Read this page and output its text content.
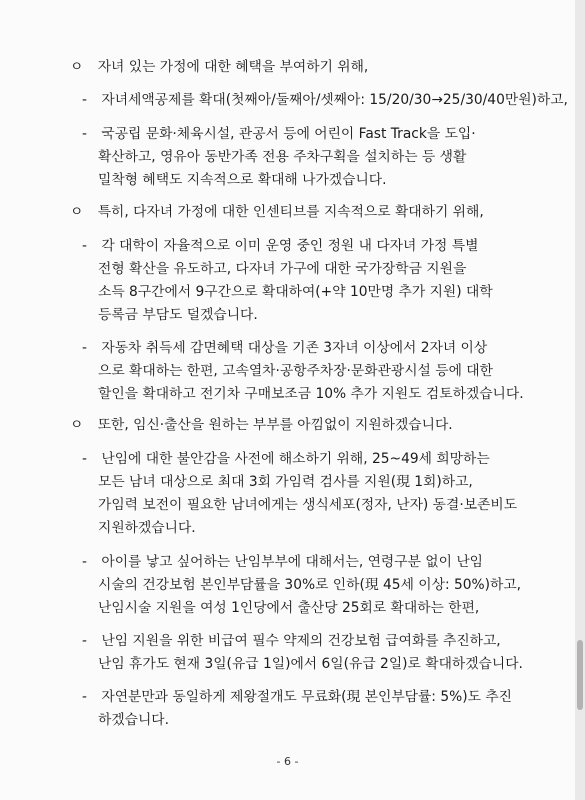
ㅇ 자녀 있는 가정에 대한 혜택을 부여하기 위해,
- 자녀세액공제를 확대(첫째아/둘째아/셋째아: 15/20/30→25/30/40만원)하고,
- 국공립 문화·체육시설, 관공서 등에 어린이 Fast Track을 도입·
확산하고, 영유아 동반가족 전용 주차구획을 설치하는 등 생활
밀착형 혜택도 지속적으로 확대해 나가겠습니다.
ㅇ 특히, 다자녀 가정에 대한 인센티브를 지속적으로 확대하기 위해,
- 각 대학이 자율적으로 이미 운영 중인 정원 내 다자녀 가정 특별
전형 확산을 유도하고, 다자녀 가구에 대한 국가장학금 지원을
소득 8구간에서 9구간으로 확대하여(+약 10만명 추가 지원) 대학
등록금 부담도 덜겠습니다.
- 자동차 취득세 감면혜택 대상을 기존 3자녀 이상에서 2자녀 이상
으로 확대하는 한편, 고속열차·공항주차장·문화관광시설 등에 대한
할인을 확대하고 전기차 구매보조금 10% 추가 지원도 검토하겠습니다.
ㅇ 또한, 임신·출산을 원하는 부부를 아낌없이 지원하겠습니다.
- 난임에 대한 불안감을 사전에 해소하기 위해, 25~49세 희망하는
모든 남녀 대상으로 최대 3회 가임력 검사를 지원(現 1회)하고,
가임력 보전이 필요한 남녀에게는 생식세포(정자, 난자) 동결·보존비도
지원하겠습니다.
- 아이를 낳고 싶어하는 난임부부에 대해서는, 연령구분 없이 난임
시술의 건강보험 본인부담률을 30%로 인하(現 45세 이상: 50%)하고,
난임시술 지원을 여성 1인당에서 출산당 25회로 확대하는 한편,
- 난임 지원을 위한 비급여 필수 약제의 건강보험 급여화를 추진하고,
난임 휴가도 현재 3일(유급 1일)에서 6일(유급 2일)로 확대하겠습니다.
- 자연분만과 동일하게 제왕절개도 무료화(現 본인부담률: 5%)도 추진
하겠습니다.
- 6 -
